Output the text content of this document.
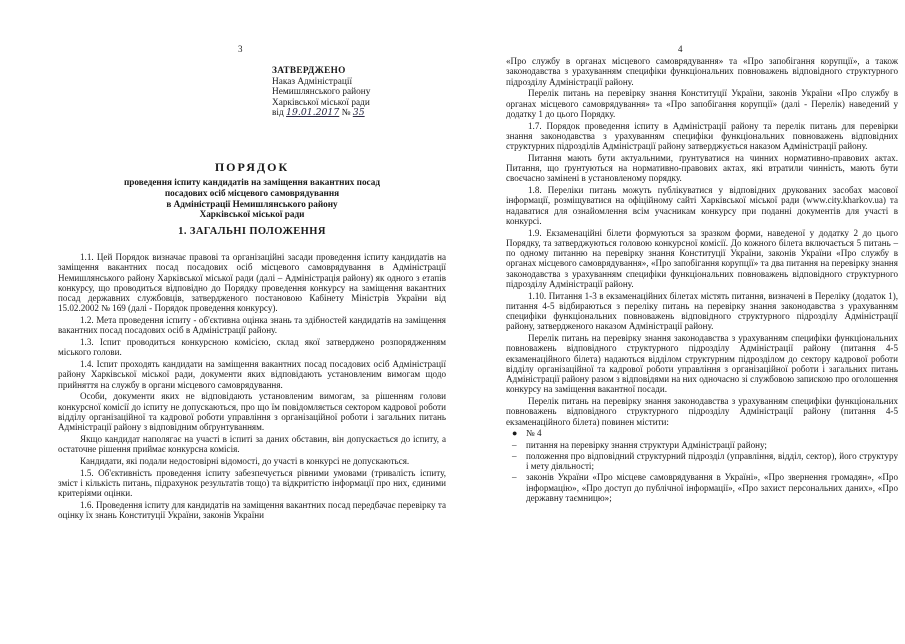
3
ЗАТВЕРДЖЕНО
Наказ Адміністрації
Немишлянського району
Харківської міської ради
від 19.01.2017 № 35
ПОРЯДОК
проведення іспиту кандидатів на заміщення вакантних посад
посадових осіб місцевого самоврядування
в Адміністрації Немишлянського району
Харківської міської ради
1. ЗАГАЛЬНІ ПОЛОЖЕННЯ

1.1. Цей Порядок визначає правові та організаційні засади проведення іспиту кандидатів на заміщення вакантних посад посадових осіб місцевого самоврядування в Адміністрації Немишлянського району Харківської міської ради (далі – Адміністрація району) як одного з етапів конкурсу, що проводиться відповідно до Порядку проведення конкурсу на заміщення вакантних посад державних службовців, затвердженого постановою Кабінету Міністрів України від 15.02.2002 № 169 (далі - Порядок проведення конкурсу).

1.2. Мета проведення іспиту - об'єктивна оцінка знань та здібностей кандидатів на заміщення вакантних посад посадових осіб в Адміністрації району.

1.3. Іспит проводиться конкурсною комісією, склад якої затверджено розпорядженням міського голови.

1.4. Іспит проходять кандидати на заміщення вакантних посад посадових осіб Адміністрації району Харківської міської ради, документи яких відповідають установленим вимогам щодо прийняття на службу в органи місцевого самоврядування.

Особи, документи яких не відповідають установленим вимогам, за рішенням голови конкурсної комісії до іспиту не допускаються, про що їм повідомляється сектором кадрової роботи відділу організаційної та кадрової роботи управління з організаційної роботи і загальних питань Адміністрації району з відповідним обґрунтуванням.

Якщо кандидат наполягає на участі в іспиті за даних обставин, він допускається до іспиту, а остаточне рішення приймає конкурсна комісія.

Кандидати, які подали недостовірні відомості, до участі в конкурсі не допускаються.

1.5. Об'єктивність проведення іспиту забезпечується рівними умовами (тривалість іспиту, зміст і кількість питань, підрахунок результатів тощо) та відкритістю інформації про них, єдиними критеріями оцінки.

1.6. Проведення іспиту для кандидатів на заміщення вакантних посад передбачає перевірку та оцінку їх знань Конституції України, законів України

4

«Про службу в органах місцевого самоврядування» та «Про запобігання корупції», а також законодавства з урахуванням специфіки функціональних повноважень відповідного структурного підрозділу Адміністрації району.

Перелік питань на перевірку знання Конституції України, законів України «Про службу в органах місцевого самоврядування» та «Про запобігання корупції» (далі - Перелік) наведений у додатку 1 до цього Порядку.

1.7. Порядок проведення іспиту в Адміністрації району та перелік питань для перевірки знання законодавства з урахуванням специфіки функціональних повноважень відповідних структурних підрозділів Адміністрації району затверджується наказом Адміністрації району.

Питання мають бути актуальними, ґрунтуватися на чинних нормативно-правових актах. Питання, що ґрунтуються на нормативно-правових актах, які втратили чинність, мають бути своєчасно замінені в установленому порядку.

1.8. Переліки питань можуть публікуватися у відповідних друкованих засобах масової інформації, розміщуватися на офіційному сайті Харківської міської ради (www.city.kharkov.ua) та надаватися для ознайомлення всім учасникам конкурсу при поданні документів для участі в конкурсі.

1.9. Екзаменаційні білети формуються за зразком форми, наведеної у додатку 2 до цього Порядку, та затверджуються головою конкурсної комісії. До кожного білета включається 5 питань – по одному питанню на перевірку знання Конституції України, законів України «Про службу в органах місцевого самоврядування», «Про запобігання корупції» та два питання на перевірку знання законодавства з урахуванням специфіки функціональних повноважень відповідного структурного підрозділу Адміністрації району.

1.10. Питання 1-3 в екзаменаційних білетах містять питання, визначені в Переліку (додаток 1), питання 4-5 відбираються з переліку питань на перевірку знання законодавства з урахуванням специфіки функціональних повноважень відповідного структурного підрозділу Адміністрації району, затвердженого наказом Адміністрації району.

Перелік питань на перевірку знання законодавства з урахуванням специфіки функціональних повноважень відповідного структурного підрозділу Адміністрації району (питання 4-5 екзаменаційного білета) надаються відділом структурним підрозділом до сектору кадрової роботи відділу організаційної та кадрової роботи управління з організаційної роботи і загальних питань Адміністрації району разом з відповідями на них одночасно зі службовою запискою про оголошення конкурсу на заміщення вакантної посади.

Перелік питань на перевірку знання законодавства з урахуванням специфіки функціональних повноважень відповідного структурного підрозділу Адміністрації району (питання 4-5 екзаменаційного білета) повинен містити:

● № 4
– питання на перевірку знання структури Адміністрації району;
– положення про відповідний структурний підрозділ (управління, відділ, сектор), його структуру і мету діяльності;
– законів України «Про місцеве самоврядування в Україні», «Про звернення громадян», «Про інформацію», «Про доступ до публічної інформації», «Про захист персональних даних», «Про державну таємницю»;
